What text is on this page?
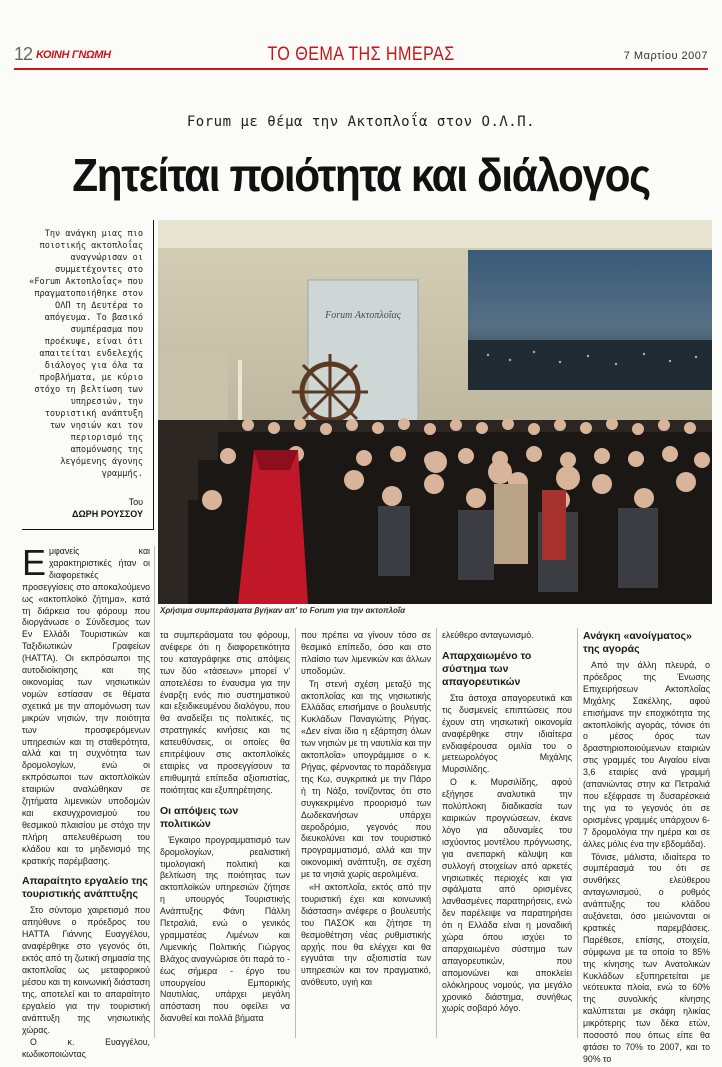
12 ΚΟΙΝΗ ΓΝΩΜΗ	ΤΟ ΘΕΜΑ ΤΗΣ ΗΜΕΡΑΣ	7 Μαρτίου 2007
Forum με θέμα την Ακτοπλοΐα στον Ο.Λ.Π.
Ζητείται ποιότητα και διάλογος

Την ανάγκη μιας πιο ποιοτικής ακτοπλοΐας αναγνώρισαν οι συμμετέχοντες στο «Forum Ακτοπλοΐας» που πραγματοποιήθηκε στον ΟΛΠ τη Δευτέρα το απόγευμα. Το βασικό συμπέρασμα που προέκυψε, είναι ότι απαιτείται ενδελεχής διάλογος για όλα τα προβλήματα, με κύριο στόχο τη βελτίωση των υπηρεσιών, την τουριστική ανάπτυξη των νησιών και τον περιορισμό της απομόνωσης της λεγόμενης άγονης γραμμής.

Του
ΔΩΡΗ ΡΟΥΣΣΟΥ
Forum Ακτοπλοΐας
Χρήσιμα συμπεράσματα βγήκαν απ' το Forum για την ακτοπλοΐα

Εμφανείς και χαρακτηριστικές ήταν οι διαφορετικές προσεγγίσεις στο αποκαλούμενο ως «ακτοπλοϊκό ζήτημα», κατά τη διάρκεια του φόρουμ που διοργάνωσε ο Σύνδεσμος των Εν Ελλάδι Τουριστικών και Ταξιδιωτικών Γραφείων (HATTA). Οι εκπρόσωποι της αυτοδιοίκησης και της οικονομίας των νησιωτικών νομών εστίασαν σε θέματα σχετικά με την απομόνωση των μικρών νησιών, την ποιότητα των προσφερόμενων υπηρεσιών και τη σταθερότητα, αλλά και τη συχνότητα των δρομολογίων, ενώ οι εκπρόσωποι των ακτοπλοϊκών εταιριών αναλώθηκαν σε ζητήματα λιμενικών υποδομών και εκσυγχρονισμού του θεσμικού πλαισίου με στόχο την πλήρη απελευθέρωση του κλάδου και το μηδενισμό της κρατικής παρέμβασης.

Απαραίτητο εργαλείο της τουριστικής ανάπτυξης

Στο σύντομο χαιρετισμό που απηύθυνε ο πρόεδρος του HATTA Γιάννης Ευαγγέλου, αναφέρθηκε στο γεγονός ότι, εκτός από τη ζωτική σημασία της ακτοπλοΐας ως μεταφορικού μέσου και τη κοινωνική διάσταση της, αποτελεί και το απαραίτητο εργαλείο για την τουριστική ανάπτυξη της νησιωτικής χώρας.

Ο κ. Ευαγγέλου, κωδικοποιώντας

τα συμπεράσματα του φόρουμ, ανέφερε ότι η διαφορετικότητα του καταγράφηκε στις απόψεις των δύο «τάσεων» μπορεί ν' αποτελέσει το έναυσμα για την έναρξη ενός πιο συστηματικού και εξειδικευμένου διαλόγου, που θα αναδείξει τις πολιτικές, τις στρατηγικές κινήσεις και τις κατευθύνσεις, οι οποίες θα επιτρέψουν στις ακτοπλοϊκές εταιρίες να προσεγγίσουν τα επιθυμητά επίπεδα αξιοπιστίας, ποιότητας και εξυπηρέτησης.

Οι απόψεις των πολιτικών

Έγκαιρο προγραμματισμό των δρομολογίων, ρεαλιστική τιμολογιακή πολιτική και βελτίωση της ποιότητας των ακτοπλοϊκών υπηρεσιών ζήτησε η υπουργός Τουριστικής Ανάπτυξης Φάνη Πάλλη Πετραλιά, ενώ ο γενικός γραμματέας Λιμένων και Λιμενικής Πολιτικής Γιώργος Βλάχος αναγνώρισε ότι παρά το - έως σήμερα - έργο του υπουργείου Εμπορικής Ναυτιλίας, υπάρχει μεγάλη απόσταση που οφείλει να διανυθεί και πολλά βήματα

που πρέπει να γίνουν τόσο σε θεσμικό επίπεδο, όσο και στο πλαίσιο των λιμενικών και άλλων υποδομών.

Τη στενή σχέση μεταξύ της ακτοπλοΐας και της νησιωτικής Ελλάδας επισήμανε ο βουλευτής Κυκλάδων Παναγιώτης Ρήγας. «Δεν είναι ίδια η εξάρτηση όλων των νησιών με τη ναυτιλία και την ακτοπλοΐα» υπογράμμισε ο κ. Ρήγας, φέρνοντας το παράδειγμα της Κω, συγκριτικά με την Πάρο ή τη Νάξο, τονίζοντας ότι στο συγκεκριμένο προορισμό των Δωδεκανήσων υπάρχει αεροδρόμιο, γεγονός που διευκολύνει και τον τουριστικό προγραμματισμό, αλλά και την οικονομική ανάπτυξη, σε σχέση με τα νησιά χωρίς αερολιμένα.

«Η ακτοπλοΐα, εκτός από την τουριστική έχει και κοινωνική διάσταση» ανέφερε ο βουλευτής του ΠΑΣΟΚ και ζήτησε τη θεσμοθέτηση νέας ρυθμιστικής αρχής που θα ελέγχει και θα εγγυάται την αξιοπιστία των υπηρεσιών και τον πραγματικό, ανόθευτο, υγιή και

ελεύθερο ανταγωνισμό.

Απαρχαιωμένο το σύστημα των απαγορευτικών

Στα άστοχα απαγορευτικά και τις δυσμενείς επιπτώσεις που έχουν στη νησιωτική οικονομία αναφέρθηκε στην ιδιαίτερα ενδιαφέρουσα ομιλία του ο μετεωρολόγος Μιχάλης Μυρσιλίδης.

Ο κ. Μυρσιλίδης, αφού εξήγησε αναλυτικά την πολύπλοκη διαδικασία των καιρικών προγνώσεων, έκανε λόγο για αδυναμίες του ισχύοντος μοντέλου πρόγνωσης, για ανεπαρκή κάλυψη και συλλογή στοιχείων από αρκετές νησιωτικές περιοχές και για σφάλματα από ορισμένες λανθασμένες παρατηρήσεις, ενώ δεν παρέλειψε να παρατηρήσει ότι η Ελλάδα είναι η μοναδική χώρα όπου ισχύει το απαρχαιωμένο σύστημα των απαγορευτικών, που απομονώνει και αποκλείει ολόκληρους νομούς, για μεγάλο χρονικό διάστημα, συνήθως χωρίς σοβαρό λόγο.

Ανάγκη «ανοίγματος» της αγοράς

Από την άλλη πλευρά, ο πρόεδρος της Ένωσης Επιχειρήσεων Ακτοπλοΐας Μιχάλης Σακέλλης, αφού επισήμανε την εποχικότητα της ακτοπλοϊκής αγοράς, τόνισε ότι ο μέσος όρος των δραστηριοποιούμενων εταιριών στις γραμμές του Αιγαίου είναι 3,6 εταιρίες ανά γραμμή (απανιώντας στην κα Πετραλιά που εξέφρασε τη δυσαρέσκειά της για το γεγονός ότι σε ορισμένες γραμμές υπάρχουν 6-7 δρομολόγια την ημέρα και σε άλλες μόλις ένα την εβδομάδα).

Τόνισε, μάλιστα, ιδιαίτερα το συμπέρασμά του ότι σε συνθήκες ελεύθερου ανταγωνισμού, ο ρυθμός ανάπτυξης του κλάδου αυξάνεται, όσο μειώνονται οι κρατικές παρεμβάσεις. Παρέθεσε, επίσης, στοιχεία, σύμφωνα με τα οποία το 85% της κίνησης των Ανατολικών Κυκλάδων εξυπηρετείται με νεότευκτα πλοία, ενώ το 60% της συνολικής κίνησης καλύπτεται με σκάφη ηλικίας μικρότερης των δέκα ετών, ποσοστό που όπως είπε θα φτάσει το 70% το 2007, και το 90% το
